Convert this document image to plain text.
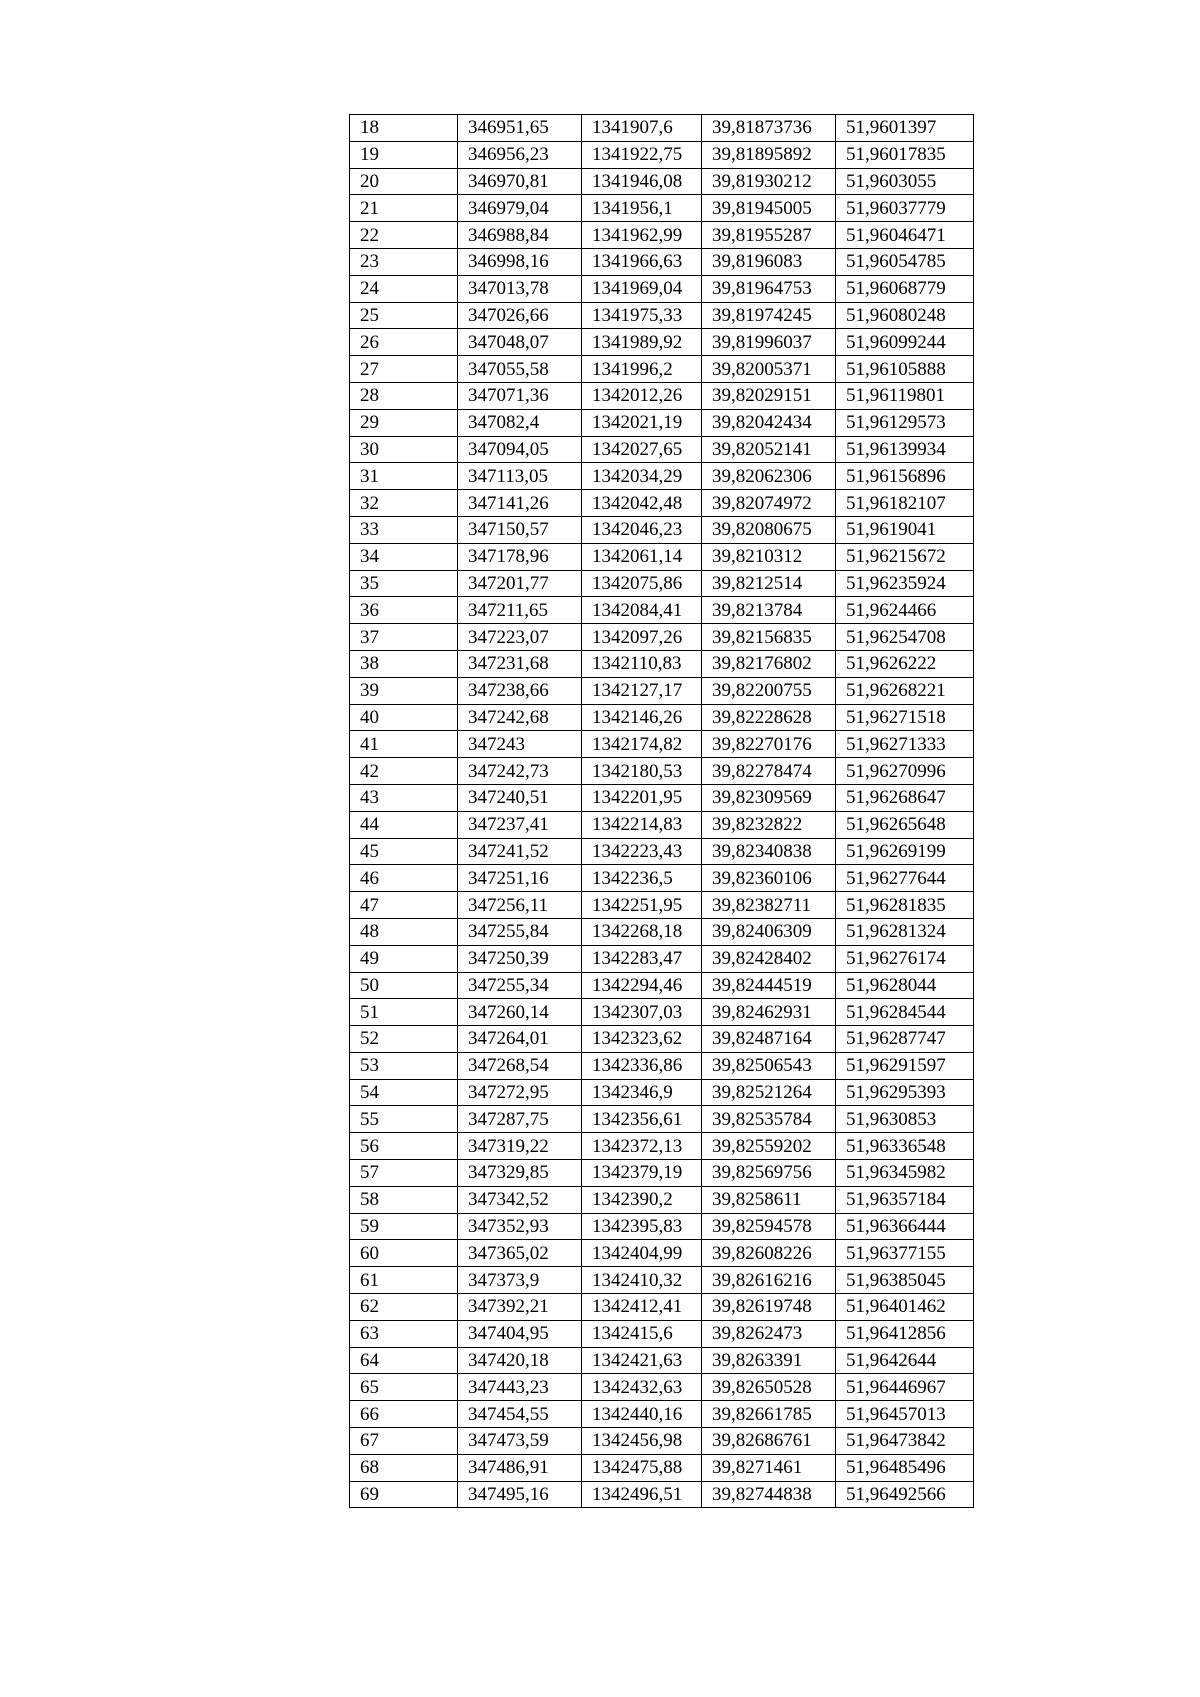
18	346951,65	1341907,6	39,81873736	51,9601397
19	346956,23	1341922,75	39,81895892	51,96017835
20	346970,81	1341946,08	39,81930212	51,9603055
21	346979,04	1341956,1	39,81945005	51,96037779
22	346988,84	1341962,99	39,81955287	51,96046471
23	346998,16	1341966,63	39,8196083	51,96054785
24	347013,78	1341969,04	39,81964753	51,96068779
25	347026,66	1341975,33	39,81974245	51,96080248
26	347048,07	1341989,92	39,81996037	51,96099244
27	347055,58	1341996,2	39,82005371	51,96105888
28	347071,36	1342012,26	39,82029151	51,96119801
29	347082,4	1342021,19	39,82042434	51,96129573
30	347094,05	1342027,65	39,82052141	51,96139934
31	347113,05	1342034,29	39,82062306	51,96156896
32	347141,26	1342042,48	39,82074972	51,96182107
33	347150,57	1342046,23	39,82080675	51,9619041
34	347178,96	1342061,14	39,8210312	51,96215672
35	347201,77	1342075,86	39,8212514	51,96235924
36	347211,65	1342084,41	39,8213784	51,9624466
37	347223,07	1342097,26	39,82156835	51,96254708
38	347231,68	1342110,83	39,82176802	51,9626222
39	347238,66	1342127,17	39,82200755	51,96268221
40	347242,68	1342146,26	39,82228628	51,96271518
41	347243	1342174,82	39,82270176	51,96271333
42	347242,73	1342180,53	39,82278474	51,96270996
43	347240,51	1342201,95	39,82309569	51,96268647
44	347237,41	1342214,83	39,8232822	51,96265648
45	347241,52	1342223,43	39,82340838	51,96269199
46	347251,16	1342236,5	39,82360106	51,96277644
47	347256,11	1342251,95	39,82382711	51,96281835
48	347255,84	1342268,18	39,82406309	51,96281324
49	347250,39	1342283,47	39,82428402	51,96276174
50	347255,34	1342294,46	39,82444519	51,9628044
51	347260,14	1342307,03	39,82462931	51,96284544
52	347264,01	1342323,62	39,82487164	51,96287747
53	347268,54	1342336,86	39,82506543	51,96291597
54	347272,95	1342346,9	39,82521264	51,96295393
55	347287,75	1342356,61	39,82535784	51,9630853
56	347319,22	1342372,13	39,82559202	51,96336548
57	347329,85	1342379,19	39,82569756	51,96345982
58	347342,52	1342390,2	39,8258611	51,96357184
59	347352,93	1342395,83	39,82594578	51,96366444
60	347365,02	1342404,99	39,82608226	51,96377155
61	347373,9	1342410,32	39,82616216	51,96385045
62	347392,21	1342412,41	39,82619748	51,96401462
63	347404,95	1342415,6	39,8262473	51,96412856
64	347420,18	1342421,63	39,8263391	51,9642644
65	347443,23	1342432,63	39,82650528	51,96446967
66	347454,55	1342440,16	39,82661785	51,96457013
67	347473,59	1342456,98	39,82686761	51,96473842
68	347486,91	1342475,88	39,8271461	51,96485496
69	347495,16	1342496,51	39,82744838	51,96492566
